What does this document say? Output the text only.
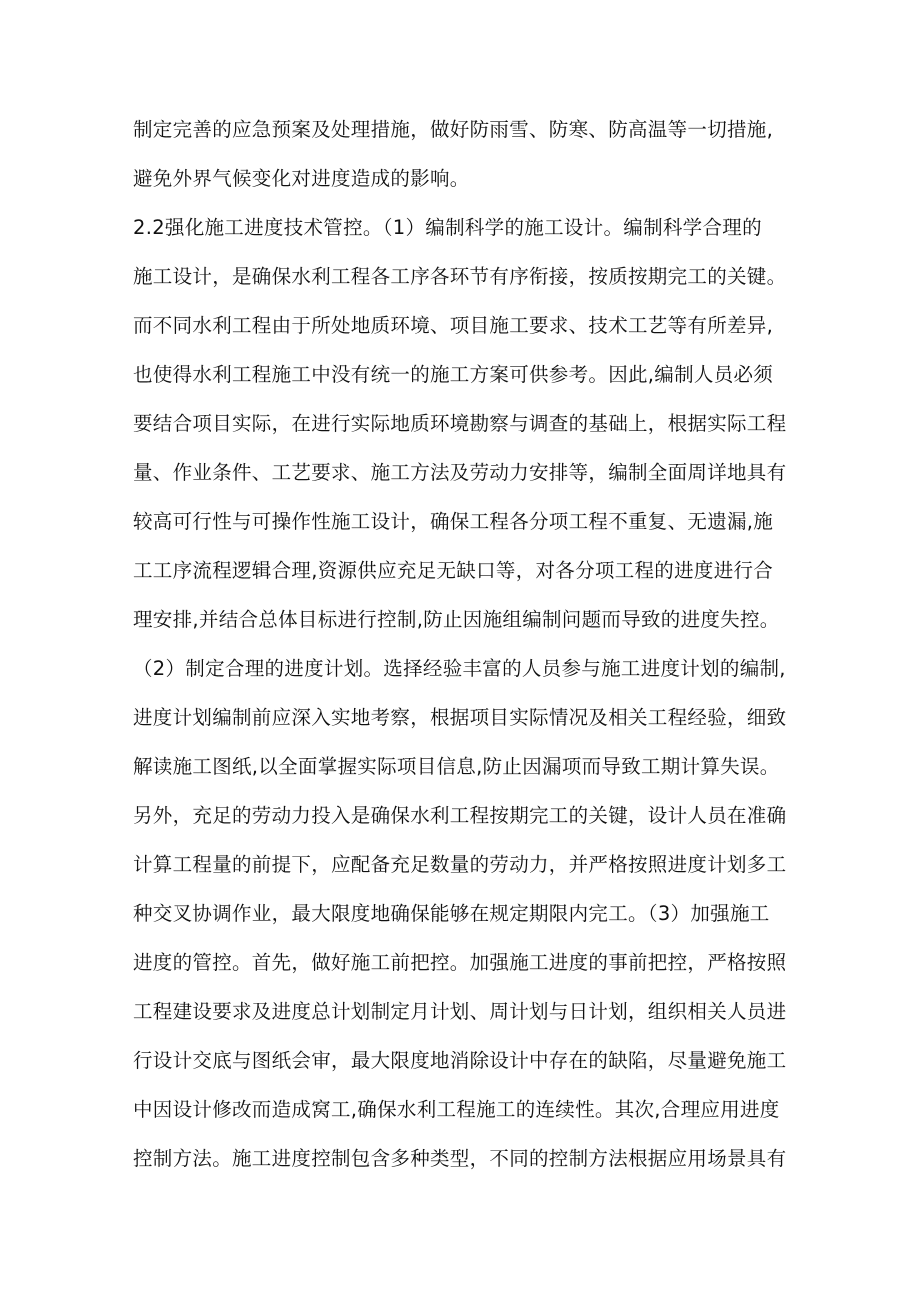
制定完善的应急预案及处理措施，做好防雨雪、防寒、防高温等一切措施,
避免外界气候变化对进度造成的影响。
2.2强化施工进度技术管控。（1）编制科学的施工设计。编制科学合理的
施工设计，是确保水利工程各工序各环节有序衔接，按质按期完工的关键。
而不同水利工程由于所处地质环境、项目施工要求、技术工艺等有所差异,
也使得水利工程施工中没有统一的施工方案可供参考。因此,编制人员必须
要结合项目实际，在进行实际地质环境勘察与调查的基础上，根据实际工程
量、作业条件、工艺要求、施工方法及劳动力安排等，编制全面周详地具有
较高可行性与可操作性施工设计，确保工程各分项工程不重复、无遗漏,施
工工序流程逻辑合理,资源供应充足无缺口等，对各分项工程的进度进行合
理安排,并结合总体目标进行控制,防止因施组编制问题而导致的进度失控。
（2）制定合理的进度计划。选择经验丰富的人员参与施工进度计划的编制,
进度计划编制前应深入实地考察，根据项目实际情况及相关工程经验，细致
解读施工图纸,以全面掌握实际项目信息,防止因漏项而导致工期计算失误。
另外，充足的劳动力投入是确保水利工程按期完工的关键，设计人员在准确
计算工程量的前提下，应配备充足数量的劳动力，并严格按照进度计划多工
种交叉协调作业，最大限度地确保能够在规定期限内完工。（3）加强施工
进度的管控。首先，做好施工前把控。加强施工进度的事前把控，严格按照
工程建设要求及进度总计划制定月计划、周计划与日计划，组织相关人员进
行设计交底与图纸会审，最大限度地消除设计中存在的缺陷，尽量避免施工
中因设计修改而造成窝工,确保水利工程施工的连续性。其次,合理应用进度
控制方法。施工进度控制包含多种类型，不同的控制方法根据应用场景具有
